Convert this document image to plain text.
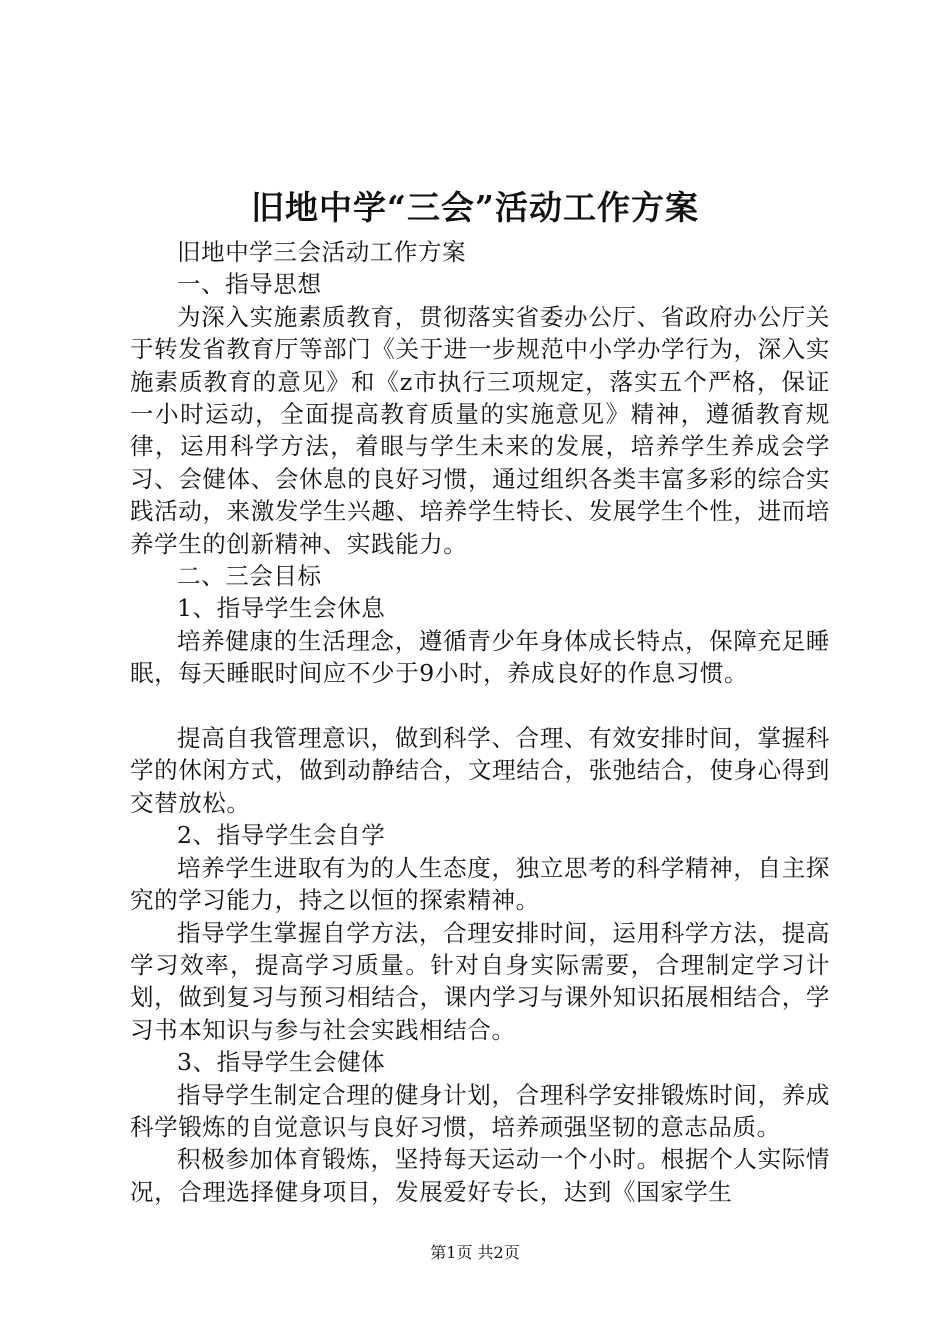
旧地中学“三会”活动工作方案

旧地中学三会活动工作方案

一、指导思想

为深入实施素质教育，贯彻落实省委办公厅、省政府办公厅关于转发省教育厅等部门《关于进一步规范中小学办学行为，深入实施素质教育的意见》和《z市执行三项规定，落实五个严格，保证一小时运动，全面提高教育质量的实施意见》精神，遵循教育规律，运用科学方法，着眼与学生未来的发展，培养学生养成会学习、会健体、会休息的良好习惯，通过组织各类丰富多彩的综合实践活动，来激发学生兴趣、培养学生特长、发展学生个性，进而培养学生的创新精神、实践能力。

二、三会目标

1、指导学生会休息

培养健康的生活理念，遵循青少年身体成长特点，保障充足睡眠，每天睡眠时间应不少于9小时，养成良好的作息习惯。

提高自我管理意识，做到科学、合理、有效安排时间，掌握科学的休闲方式，做到动静结合，文理结合，张弛结合，使身心得到交替放松。

2、指导学生会自学

培养学生进取有为的人生态度，独立思考的科学精神，自主探究的学习能力，持之以恒的探索精神。

指导学生掌握自学方法，合理安排时间，运用科学方法，提高学习效率，提高学习质量。针对自身实际需要，合理制定学习计划，做到复习与预习相结合，课内学习与课外知识拓展相结合，学习书本知识与参与社会实践相结合。

3、指导学生会健体

指导学生制定合理的健身计划，合理科学安排锻炼时间，养成科学锻炼的自觉意识与良好习惯，培养顽强坚韧的意志品质。

积极参加体育锻炼，坚持每天运动一个小时。根据个人实际情况，合理选择健身项目，发展爱好专长，达到《国家学生

第1页 共2页
